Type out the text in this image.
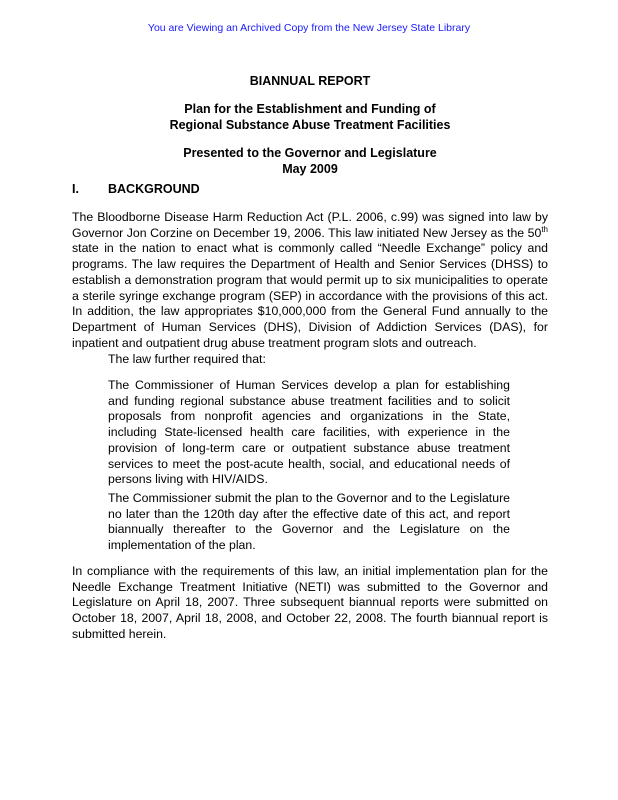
You are Viewing an Archived Copy from the New Jersey State Library
BIANNUAL REPORT
Plan for the Establishment and Funding of
Regional Substance Abuse Treatment Facilities
Presented to the Governor and Legislature
May 2009
I. BACKGROUND

The Bloodborne Disease Harm Reduction Act (P.L. 2006, c.99) was signed into law by Governor Jon Corzine on December 19, 2006. This law initiated New Jersey as the 50th state in the nation to enact what is commonly called “Needle Exchange” policy and programs. The law requires the Department of Health and Senior Services (DHSS) to establish a demonstration program that would permit up to six municipalities to operate a sterile syringe exchange program (SEP) in accordance with the provisions of this act. In addition, the law appropriates $10,000,000 from the General Fund annually to the Department of Human Services (DHS), Division of Addiction Services (DAS), for inpatient and outpatient drug abuse treatment program slots and outreach.

The law further required that:

The Commissioner of Human Services develop a plan for establishing and funding regional substance abuse treatment facilities and to solicit proposals from nonprofit agencies and organizations in the State, including State-licensed health care facilities, with experience in the provision of long-term care or outpatient substance abuse treatment services to meet the post-acute health, social, and educational needs of persons living with HIV/AIDS.

The Commissioner submit the plan to the Governor and to the Legislature no later than the 120th day after the effective date of this act, and report biannually thereafter to the Governor and the Legislature on the implementation of the plan.

In compliance with the requirements of this law, an initial implementation plan for the Needle Exchange Treatment Initiative (NETI) was submitted to the Governor and Legislature on April 18, 2007. Three subsequent biannual reports were submitted on October 18, 2007, April 18, 2008, and October 22, 2008. The fourth biannual report is submitted herein.
